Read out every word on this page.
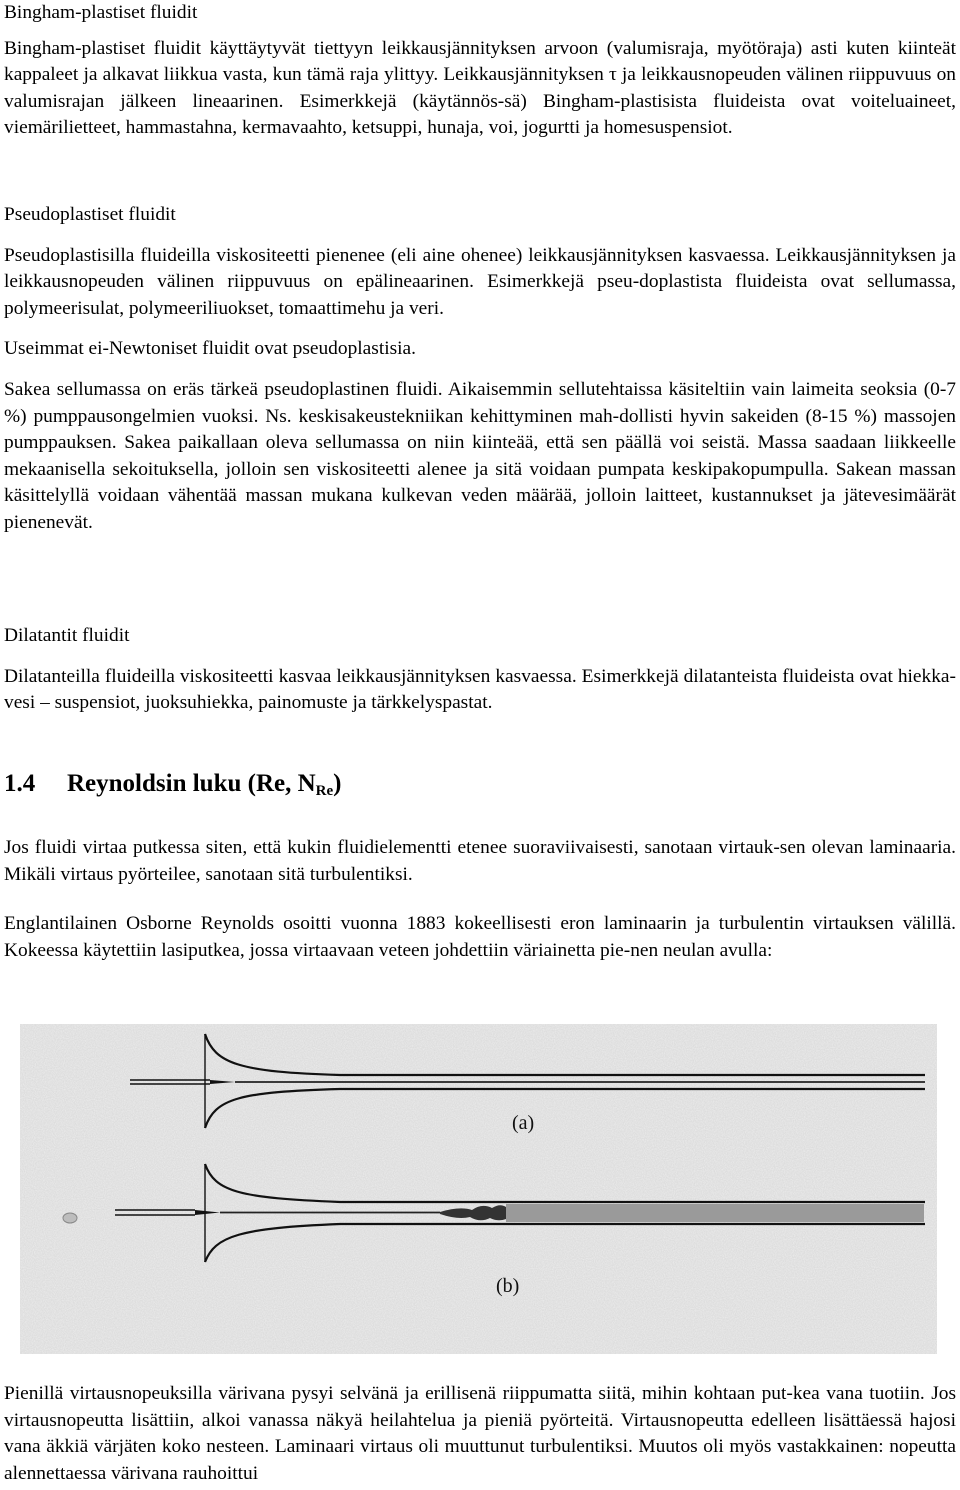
Bingham-plastiset fluidit

Bingham-plastiset fluidit käyttäytyvät tiettyyn leikkausjännityksen arvoon (valumisraja, myötöraja) asti kuten kiinteät kappaleet ja alkavat liikkua vasta, kun tämä raja ylittyy. Leikkausjännityksen τ ja leikkausnopeuden välinen riippuvuus on valumisrajan jälkeen lineaarinen. Esimerkkejä (käytännös-sä) Bingham-plastisista fluideista ovat voiteluaineet, viemärilietteet, hammastahna, kermavaahto, ketsuppi, hunaja, voi, jogurtti ja homesuspensiot.

Pseudoplastiset fluidit

Pseudoplastisilla fluideilla viskositeetti pienenee (eli aine ohenee) leikkausjännityksen kasvaessa. Leikkausjännityksen ja leikkausnopeuden välinen riippuvuus on epälineaarinen. Esimerkkejä pseu-doplastista fluideista ovat sellumassa, polymeerisulat, polymeeriliuokset, tomaattimehu ja veri.

Useimmat ei-Newtoniset fluidit ovat pseudoplastisia.

Sakea sellumassa on eräs tärkeä pseudoplastinen fluidi. Aikaisemmin sellutehtaissa käsiteltiin vain laimeita seoksia (0-7 %) pumppausongelmien vuoksi. Ns. keskisakeustekniikan kehittyminen mah-dollisti hyvin sakeiden (8-15 %) massojen pumppauksen. Sakea paikallaan oleva sellumassa on niin kiinteää, että sen päällä voi seistä. Massa saadaan liikkeelle mekaanisella sekoituksella, jolloin sen viskositeetti alenee ja sitä voidaan pumpata keskipakopumpulla. Sakean massan käsittelyllä voidaan vähentää massan mukana kulkevan veden määrää, jolloin laitteet, kustannukset ja jätevesimäärät pienenevät.

Dilatantit fluidit

Dilatanteilla fluideilla viskositeetti kasvaa leikkausjännityksen kasvaessa. Esimerkkejä dilatanteista fluideista ovat hiekka-vesi – suspensiot, juoksuhiekka, painomuste ja tärkkelyspastat.

1.4 Reynoldsin luku (Re, $N_{Re}$)

Jos fluidi virtaa putkessa siten, että kukin fluidielementti etenee suoraviivaisesti, sanotaan virtauk-sen olevan laminaaria. Mikäli virtaus pyörteilee, sanotaan sitä turbulentiksi.

Englantilainen Osborne Reynolds osoitti vuonna 1883 kokeellisesti eron laminaarin ja turbulentin virtauksen välillä. Kokeessa käytettiin lasiputkea, jossa virtaavaan veteen johdettiin väriainetta pie-nen neulan avulla:

Pienillä virtausnopeuksilla värivana pysyi selvänä ja erillisenä riippumatta siitä, mihin kohtaan put-kea vana tuotiin. Jos virtausnopeutta lisättiin, alkoi vanassa näkyä heilahtelua ja pieniä pyörteitä. Virtausnopeutta edelleen lisättäessä hajosi vana äkkiä värjäten koko nesteen. Laminaari virtaus oli muuttunut turbulentiksi. Muutos oli myös vastakkainen: nopeutta alennettaessa värivana rauhoittui

(a)
(b)
